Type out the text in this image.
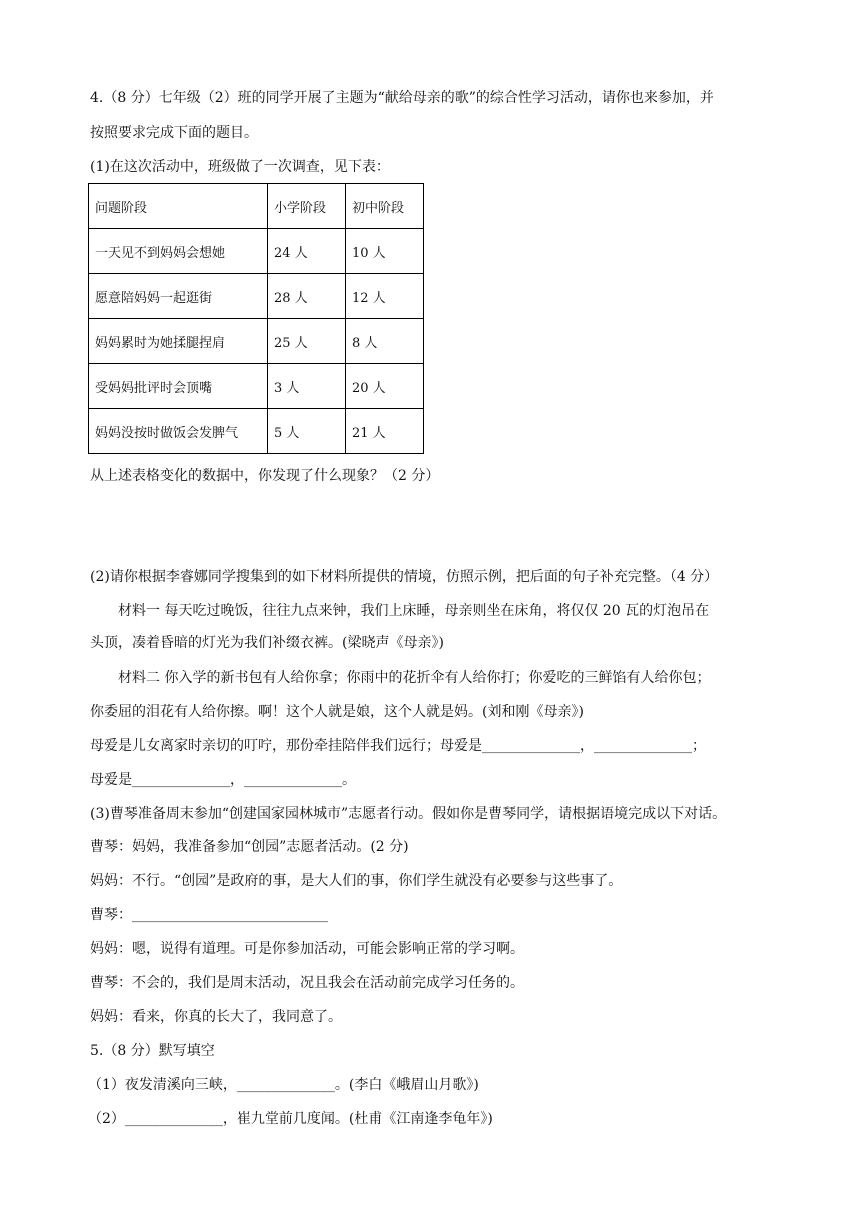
4.（8 分）七年级（2）班的同学开展了主题为“献给母亲的歌”的综合性学习活动，请你也来参加，并
按照要求完成下面的题目。
(1)在这次活动中，班级做了一次调查，见下表：
问题阶段	小学阶段	初中阶段
一天见不到妈妈会想她	24 人	10 人
愿意陪妈妈一起逛街	28 人	12 人
妈妈累时为她揉腿捏肩	25 人	8 人
受妈妈批评时会顶嘴	3 人	20 人
妈妈没按时做饭会发脾气	5 人	21 人
从上述表格变化的数据中，你发现了什么现象？（2 分）
(2)请你根据李睿娜同学搜集到的如下材料所提供的情境，仿照示例，把后面的句子补充完整。（4 分）
材料一 每天吃过晚饭，往往九点来钟，我们上床睡，母亲则坐在床角，将仅仅 20 瓦的灯泡吊在
头顶，凑着昏暗的灯光为我们补缀衣裤。(梁晓声《母亲》)
材料二 你入学的新书包有人给你拿；你雨中的花折伞有人给你打；你爱吃的三鲜馅有人给你包；
你委屈的泪花有人给你擦。啊！这个人就是娘，这个人就是妈。(刘和刚《母亲》)
母爱是儿女离家时亲切的叮咛，那份牵挂陪伴我们远行；母爱是______________，______________；
母爱是______________，______________。
(3)曹琴准备周末参加“创建国家园林城市”志愿者行动。假如你是曹琴同学，请根据语境完成以下对话。
曹琴：妈妈，我准备参加“创园”志愿者活动。(2 分)
妈妈：不行。“创园”是政府的事，是大人们的事，你们学生就没有必要参与这些事了。
曹琴：____________________________
妈妈：嗯，说得有道理。可是你参加活动，可能会影响正常的学习啊。
曹琴：不会的，我们是周末活动，况且我会在活动前完成学习任务的。
妈妈：看来，你真的长大了，我同意了。
5.（8 分）默写填空
（1）夜发清溪向三峡，______________。(李白《峨眉山月歌》)
（2）______________，崔九堂前几度闻。(杜甫《江南逢李龟年》)
